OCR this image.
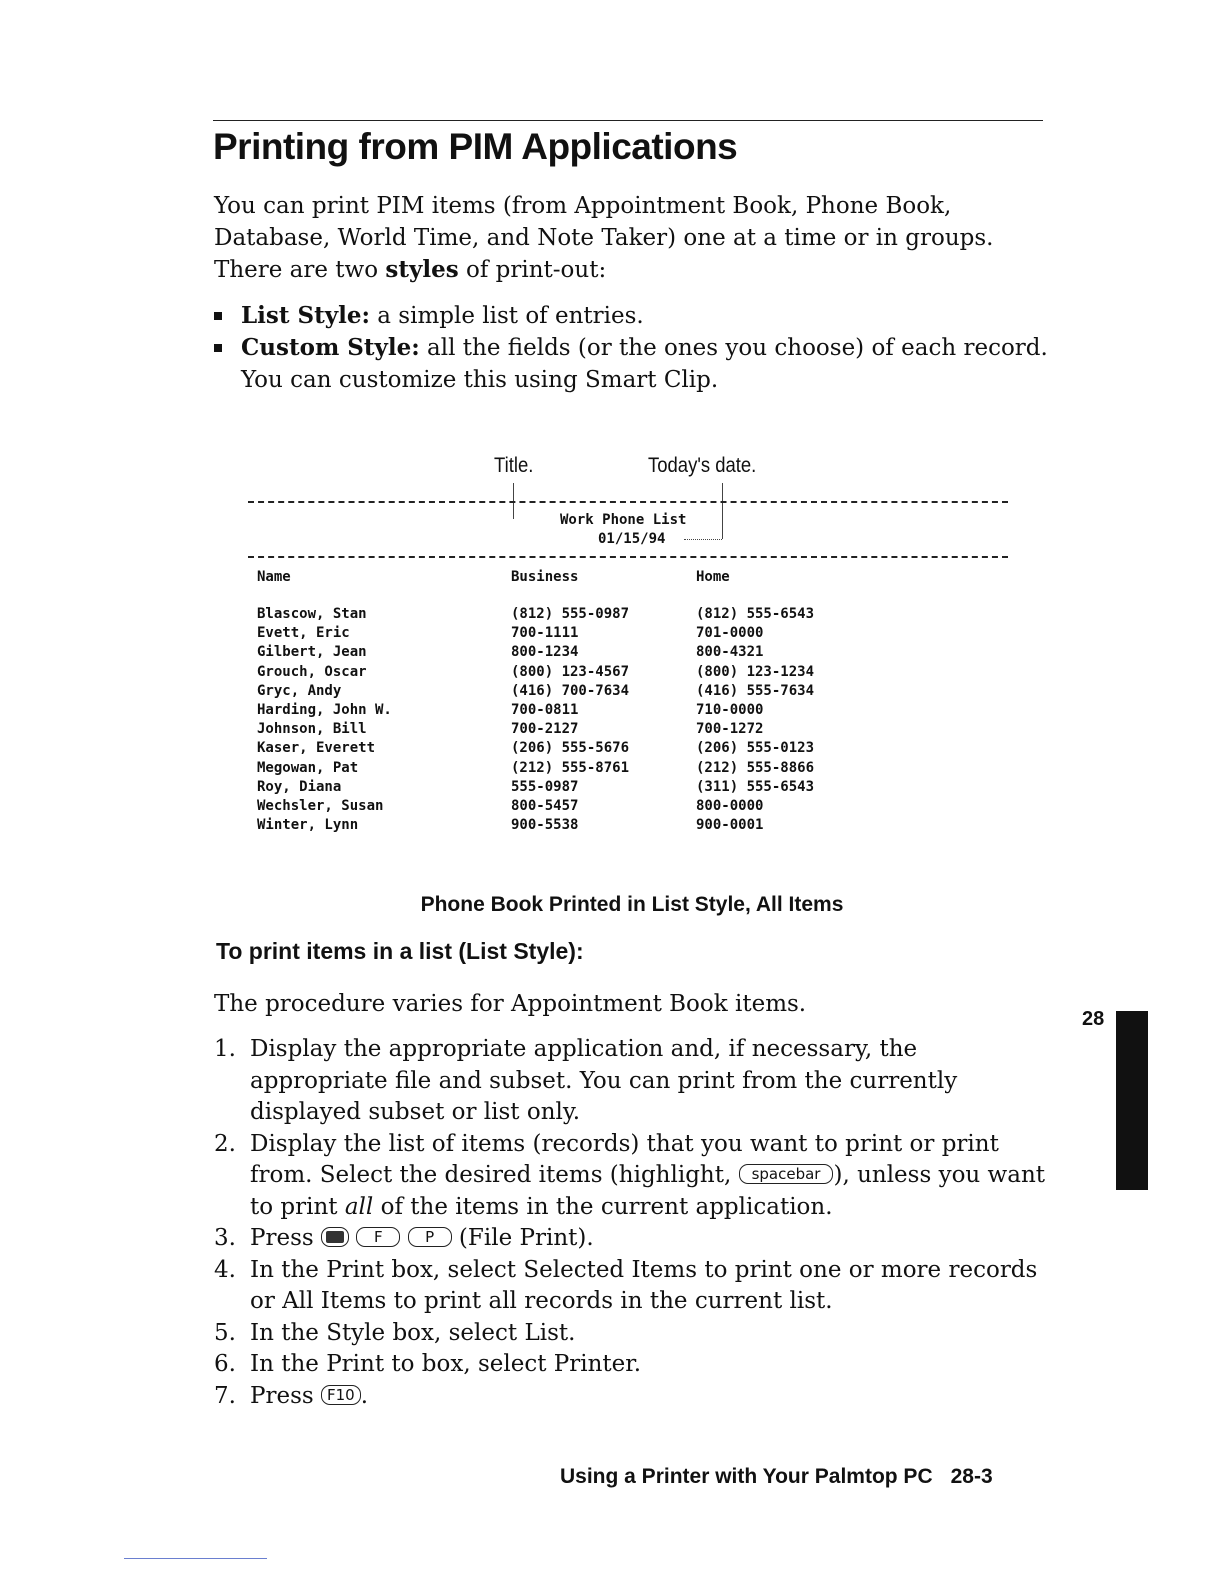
Printing from PIM Applications

You can print PIM items (from Appointment Book, Phone Book, Database, World Time, and Note Taker) one at a time or in groups. There are two styles of print-out:

List Style: a simple list of entries.
Custom Style: all the fields (or the ones you choose) of each record. You can customize this using Smart Clip.
Title.	Today's date.
Work Phone List
01/15/94
Name	Business	Home
Blascow, Stan	(812) 555-0987	(812) 555-6543
Evett, Eric	700-1111	701-0000
Gilbert, Jean	800-1234	800-4321
Grouch, Oscar	(800) 123-4567	(800) 123-1234
Gryc, Andy	(416) 700-7634	(416) 555-7634
Harding, John W.	700-0811	710-0000
Johnson, Bill	700-2127	700-1272
Kaser, Everett	(206) 555-5676	(206) 555-0123
Megowan, Pat	(212) 555-8761	(212) 555-8866
Roy, Diana	555-0987	(311) 555-6543
Wechsler, Susan	800-5457	800-0000
Winter, Lynn	900-5538	900-0001
Phone Book Printed in List Style, All Items
To print items in a list (List Style):

The procedure varies for Appointment Book items.

1. Display the appropriate application and, if necessary, the appropriate file and subset. You can print from the currently displayed subset or list only.
2. Display the list of items (records) that you want to print or print from. Select the desired items (highlight, spacebar ), unless you want to print all of the items in the current application.
3. Press	F	P (File Print).
4. In the Print box, select Selected Items to print one or more records or All Items to print all records in the current list.
5. In the Style box, select List.
6. In the Print to box, select Printer.
7. Press F10 .
28
Using a Printer with Your Palmtop PC 28-3
